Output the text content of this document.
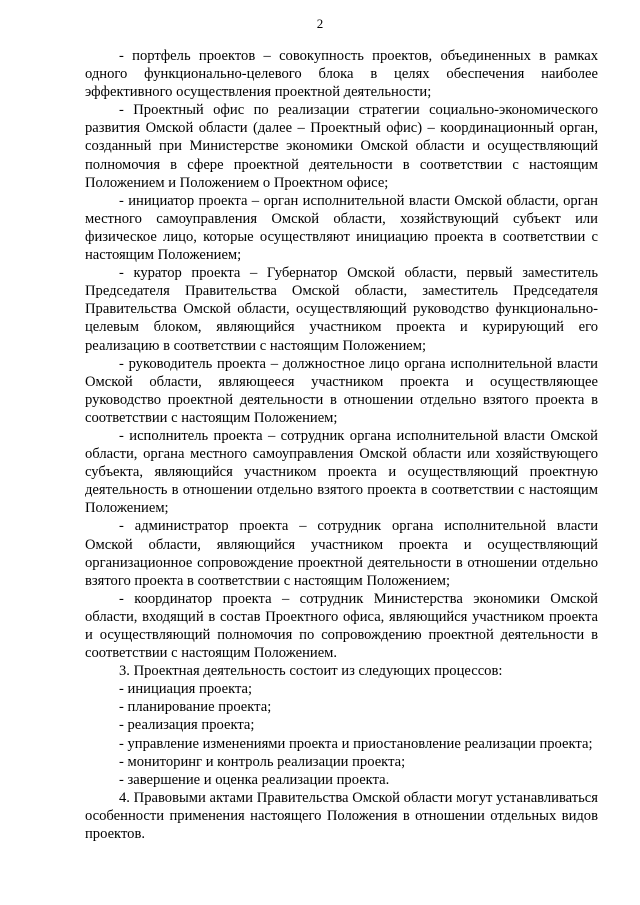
2

- портфель проектов – совокупность проектов, объединенных в рамках одного функционально-целевого блока в целях обеспечения наиболее эффективного осуществления проектной деятельности;

- Проектный офис по реализации стратегии социально-экономического развития Омской области (далее – Проектный офис) – координационный орган, созданный при Министерстве экономики Омской области и осуществляющий полномочия в сфере проектной деятельности в соответствии с настоящим Положением и Положением о Проектном офисе;

- инициатор проекта – орган исполнительной власти Омской области, орган местного самоуправления Омской области, хозяйствующий субъект или физическое лицо, которые осуществляют инициацию проекта в соответствии с настоящим Положением;

- куратор проекта – Губернатор Омской области, первый заместитель Председателя Правительства Омской области, заместитель Председателя Правительства Омской области, осуществляющий руководство функционально-целевым блоком, являющийся участником проекта и курирующий его реализацию в соответствии с настоящим Положением;

- руководитель проекта – должностное лицо органа исполнительной власти Омской области, являющееся участником проекта и осуществляющее руководство проектной деятельности в отношении отдельно взятого проекта в соответствии с настоящим Положением;

- исполнитель проекта – сотрудник органа исполнительной власти Омской области, органа местного самоуправления Омской области или хозяйствующего субъекта, являющийся участником проекта и осуществляющий проектную деятельность в отношении отдельно взятого проекта в соответствии с настоящим Положением;

- администратор проекта – сотрудник органа исполнительной власти Омской области, являющийся участником проекта и осуществляющий организационное сопровождение проектной деятельности в отношении отдельно взятого проекта в соответствии с настоящим Положением;

- координатор проекта – сотрудник Министерства экономики Омской области, входящий в состав Проектного офиса, являющийся участником проекта и осуществляющий полномочия по сопровождению проектной деятельности в соответствии с настоящим Положением.

3. Проектная деятельность состоит из следующих процессов:

- инициация проекта;

- планирование проекта;

- реализация проекта;

- управление изменениями проекта и приостановление реализации проекта;

- мониторинг и контроль реализации проекта;

- завершение и оценка реализации проекта.

4. Правовыми актами Правительства Омской области могут устанавливаться особенности применения настоящего Положения в отношении отдельных видов проектов.
